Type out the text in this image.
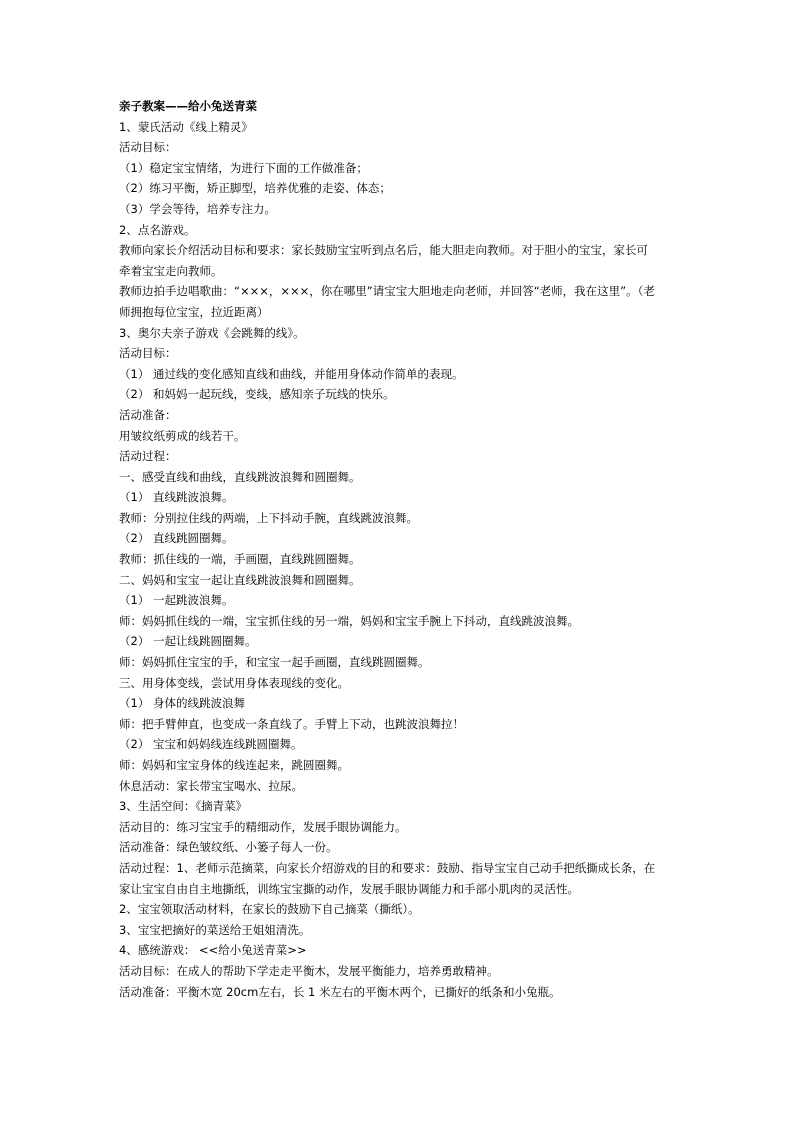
亲子教案——给小兔送青菜
1、蒙氏活动《线上精灵》
活动目标：
（1）稳定宝宝情绪，为进行下面的工作做准备；
（2）练习平衡，矫正脚型，培养优雅的走姿、体态；
（3）学会等待，培养专注力。
2、点名游戏。
教师向家长介绍活动目标和要求：家长鼓励宝宝听到点名后，能大胆走向教师。对于胆小的宝宝，家长可
牵着宝宝走向教师。
教师边拍手边唱歌曲：“×××，×××，你在哪里”请宝宝大胆地走向老师，并回答“老师，我在这里”。（老
师拥抱每位宝宝，拉近距离）
3、奥尔夫亲子游戏《会跳舞的线》。
活动目标：
（1） 通过线的变化感知直线和曲线，并能用身体动作简单的表现。
（2） 和妈妈一起玩线，变线，感知亲子玩线的快乐。
活动准备：
用皱纹纸剪成的线若干。
活动过程：
一、感受直线和曲线，直线跳波浪舞和圆圈舞。
（1） 直线跳波浪舞。
教师：分别拉住线的两端，上下抖动手腕，直线跳波浪舞。
（2） 直线跳圆圈舞。
教师：抓住线的一端，手画圈，直线跳圆圈舞。
二、妈妈和宝宝一起让直线跳波浪舞和圆圈舞。
（1） 一起跳波浪舞。
师：妈妈抓住线的一端，宝宝抓住线的另一端，妈妈和宝宝手腕上下抖动，直线跳波浪舞。
（2） 一起让线跳圆圈舞。
师：妈妈抓住宝宝的手，和宝宝一起手画圈，直线跳圆圈舞。
三、用身体变线，尝试用身体表现线的变化。
（1） 身体的线跳波浪舞
师：把手臂伸直，也变成一条直线了。手臂上下动，也跳波浪舞拉！
（2） 宝宝和妈妈线连线跳圆圈舞。
师：妈妈和宝宝身体的线连起来，跳圆圈舞。
休息活动：家长带宝宝喝水、拉尿。
3、生活空间：《摘青菜》
活动目的：练习宝宝手的精细动作，发展手眼协调能力。
活动准备：绿色皱纹纸、小篓子每人一份。
活动过程：1、老师示范摘菜，向家长介绍游戏的目的和要求：鼓励、指导宝宝自己动手把纸撕成长条，在
家让宝宝自由自主地撕纸，训练宝宝撕的动作，发展手眼协调能力和手部小肌肉的灵活性。
2、宝宝领取活动材料，在家长的鼓励下自己摘菜（撕纸）。
3、宝宝把摘好的菜送给王姐姐清洗。
4、感统游戏： <<给小兔送青菜>>
活动目标：在成人的帮助下学走走平衡木，发展平衡能力，培养勇敢精神。
活动准备：平衡木宽 20cm左右，长 1 米左右的平衡木两个，已撕好的纸条和小兔瓶。
